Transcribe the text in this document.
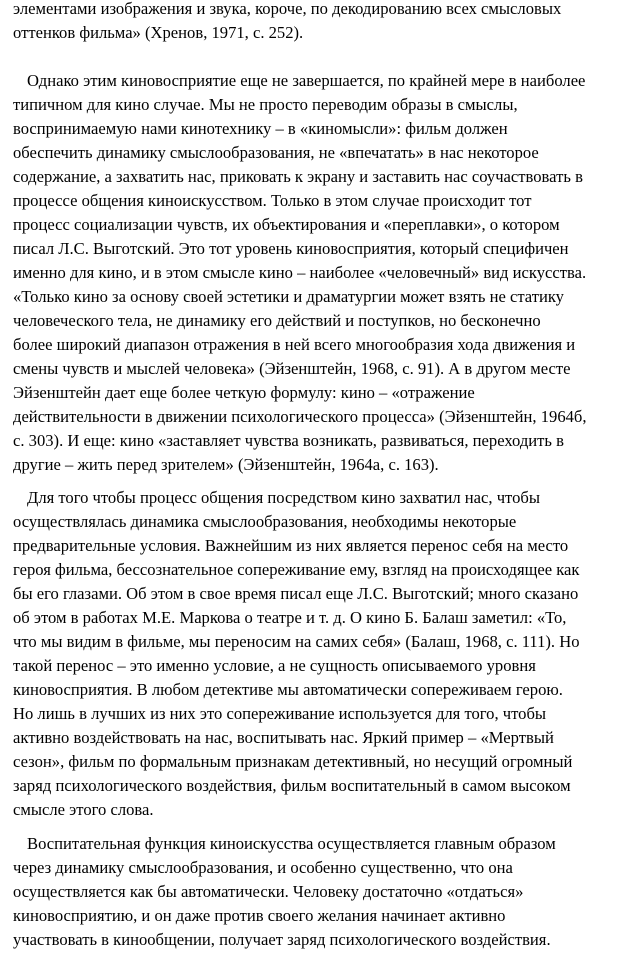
элементами изображения и звука, короче, по декодированию всех смысловых
оттенков фильма» (Хренов, 1971, с. 252).
Однако этим киновосприятие еще не завершается, по крайней мере в наиболее
типичном для кино случае. Мы не просто переводим образы в смыслы,
воспринимаемую нами кинотехнику – в «киномысли»: фильм должен
обеспечить динамику смыслообразования, не «впечатать» в нас некоторое
содержание, а захватить нас, приковать к экрану и заставить нас соучаствовать в
процессе общения киноискусством. Только в этом случае происходит тот
процесс социализации чувств, их объектирования и «переплавки», о котором
писал Л.С. Выготский. Это тот уровень киновосприятия, который специфичен
именно для кино, и в этом смысле кино – наиболее «человечный» вид искусства.
«Только кино за основу своей эстетики и драматургии может взять не статику
человеческого тела, не динамику его действий и поступков, но бесконечно
более широкий диапазон отражения в ней всего многообразия хода движения и
смены чувств и мыслей человека» (Эйзенштейн, 1968, с. 91). А в другом месте
Эйзенштейн дает еще более четкую формулу: кино – «отражение
действительности в движении психологического процесса» (Эйзенштейн, 1964б,
с. 303). И еще: кино «заставляет чувства возникать, развиваться, переходить в
другие – жить перед зрителем» (Эйзенштейн, 1964а, с. 163).
Для того чтобы процесс общения посредством кино захватил нас, чтобы
осуществлялась динамика смыслообразования, необходимы некоторые
предварительные условия. Важнейшим из них является перенос себя на место
героя фильма, бессознательное сопереживание ему, взгляд на происходящее как
бы его глазами. Об этом в свое время писал еще Л.С. Выготский; много сказано
об этом в работах М.Е. Маркова о театре и т. д. О кино Б. Балаш заметил: «То,
что мы видим в фильме, мы переносим на самих себя» (Балаш, 1968, с. 111). Но
такой перенос – это именно условие, а не сущность описываемого уровня
киновосприятия. В любом детективе мы автоматически сопереживаем герою.
Но лишь в лучших из них это сопереживание используется для того, чтобы
активно воздействовать на нас, воспитывать нас. Яркий пример – «Мертвый
сезон», фильм по формальным признакам детективный, но несущий огромный
заряд психологического воздействия, фильм воспитательный в самом высоком
смысле этого слова.
Воспитательная функция киноискусства осуществляется главным образом
через динамику смыслообразования, и особенно существенно, что она
осуществляется как бы автоматически. Человеку достаточно «отдаться»
киновосприятию, и он даже против своего желания начинает активно
участвовать в кинообщении, получает заряд психологического воздействия.
